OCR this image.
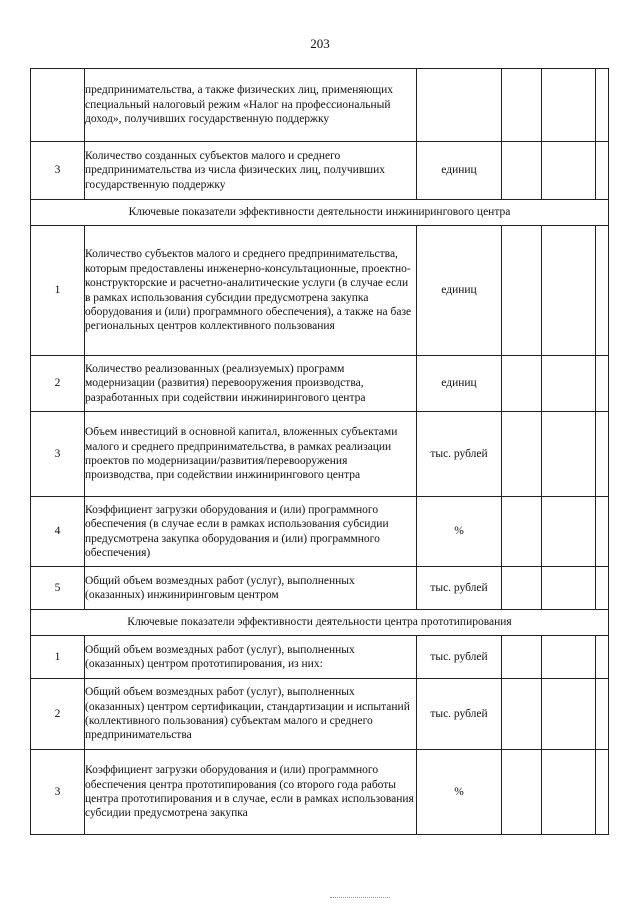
203
	предпринимательства, а также физических лиц, применяющих специальный налоговый режим «Налог на профессиональный доход», получивших государственную поддержку				
3	Количество созданных субъектов малого и среднего предпринимательства из числа физических лиц, получивших государственную поддержку	единиц			
Ключевые показатели эффективности деятельности инжинирингового центра					
1	Количество субъектов малого и среднего предпринимательства, которым предоставлены инженерно-консультационные, проектно-конструкторские и расчетно-аналитические услуги (в случае если в рамках использования субсидии предусмотрена закупка оборудования и (или) программного обеспечения), а также на базе региональных центров коллективного пользования	единиц			
2	Количество реализованных (реализуемых) программ модернизации (развития) перевооружения производства, разработанных при содействии инжинирингового центра	единиц			
3	Объем инвестиций в основной капитал, вложенных субъектами малого и среднего предпринимательства, в рамках реализации проектов по модернизации/развития/перевооружения производства, при содействии инжинирингового центра	тыс. рублей			
4	Коэффициент загрузки оборудования и (или) программного обеспечения (в случае если в рамках использования субсидии предусмотрена закупка оборудования и (или) программного обеспечения)	%			
5	Общий объем возмездных работ (услуг), выполненных (оказанных) инжиниринговым центром	тыс. рублей			
Ключевые показатели эффективности деятельности центра прототипирования					
1	Общий объем возмездных работ (услуг), выполненных (оказанных) центром прототипирования, из них:	тыс. рублей			
2	Общий объем возмездных работ (услуг), выполненных (оказанных) центром сертификации, стандартизации и испытаний (коллективного пользования) субъектам малого и среднего предпринимательства	тыс. рублей			
3	Коэффициент загрузки оборудования и (или) программного обеспечения центра прототипирования (со второго года работы центра прототипирования и в случае, если в рамках использования субсидии предусмотрена закупка	%			
